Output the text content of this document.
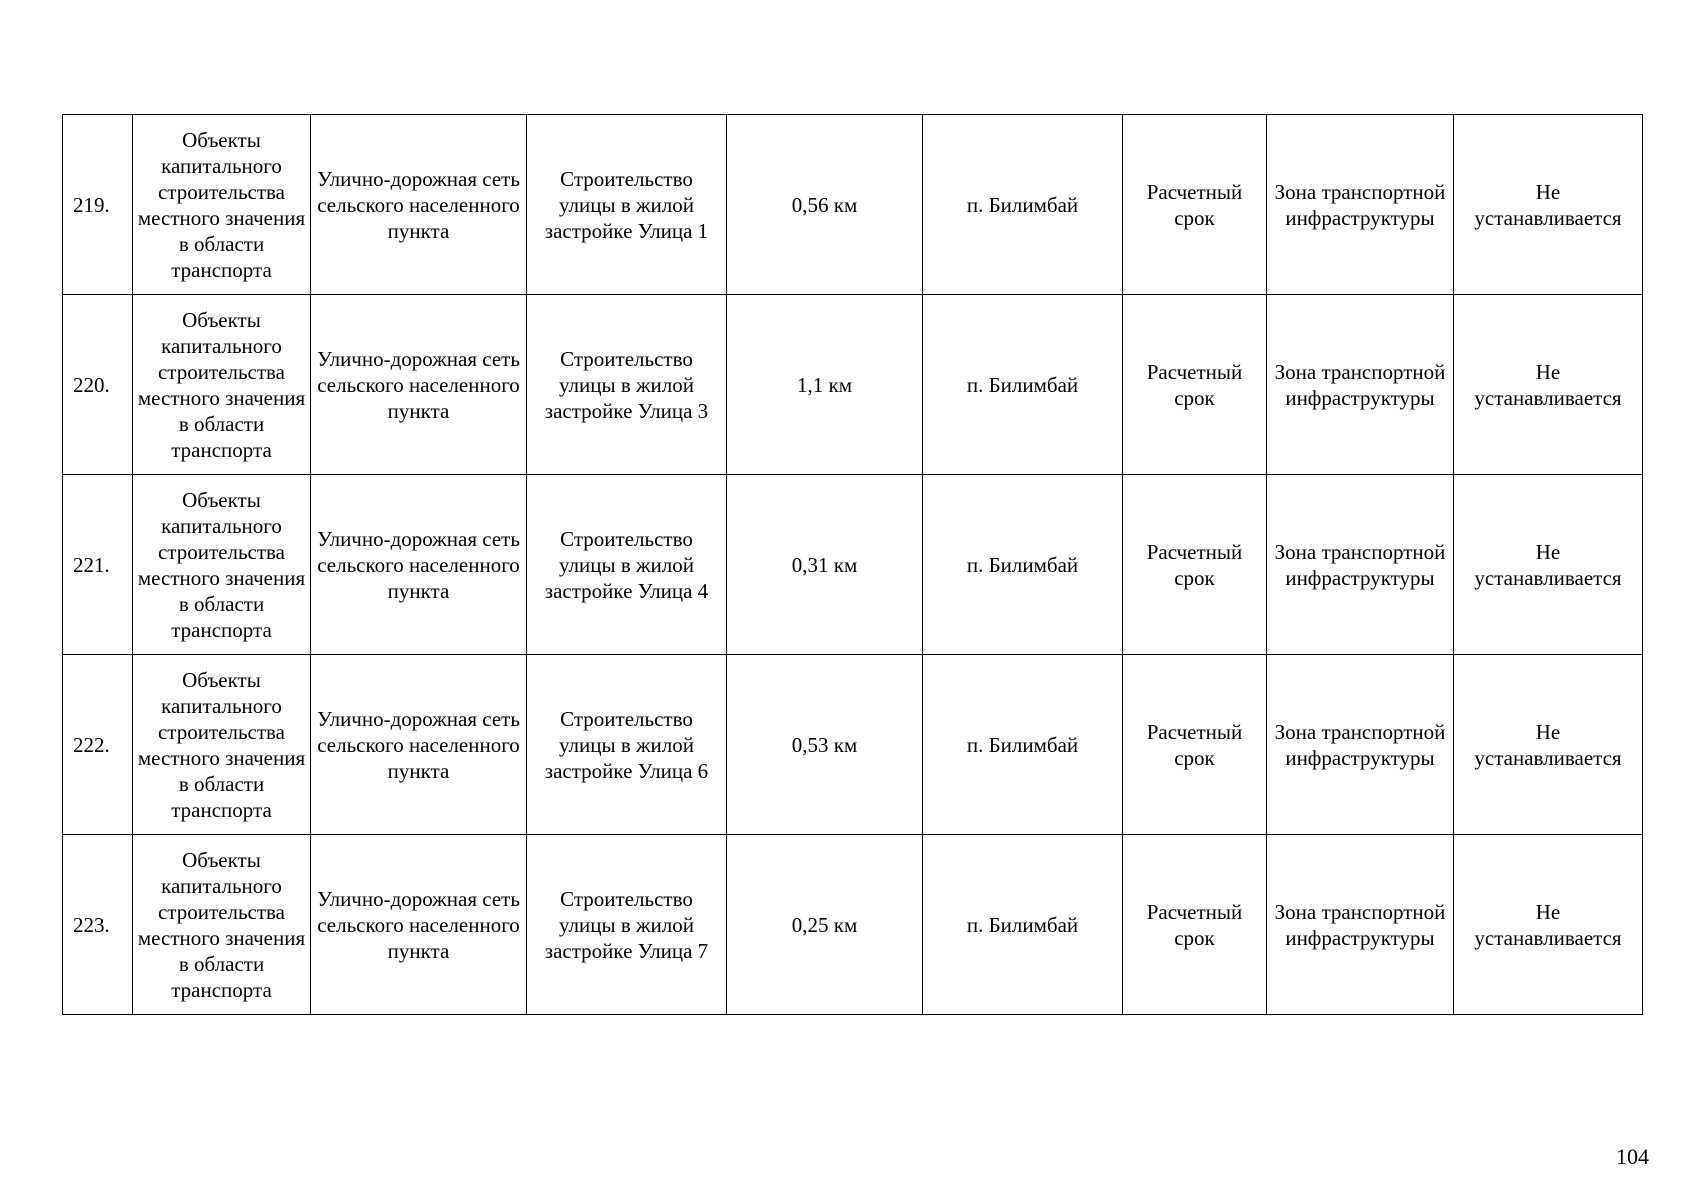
219.	Объекты капитального строительства местного значения в области транспорта	Улично-дорожная сеть сельского населенного пункта	Строительство улицы в жилой застройке Улица 1	0,56 км	п. Билимбай	Расчетный срок	Зона транспортной инфраструктуры	Не устанавливается
220.	Объекты капитального строительства местного значения в области транспорта	Улично-дорожная сеть сельского населенного пункта	Строительство улицы в жилой застройке Улица 3	1,1 км	п. Билимбай	Расчетный срок	Зона транспортной инфраструктуры	Не устанавливается
221.	Объекты капитального строительства местного значения в области транспорта	Улично-дорожная сеть сельского населенного пункта	Строительство улицы в жилой застройке Улица 4	0,31 км	п. Билимбай	Расчетный срок	Зона транспортной инфраструктуры	Не устанавливается
222.	Объекты капитального строительства местного значения в области транспорта	Улично-дорожная сеть сельского населенного пункта	Строительство улицы в жилой застройке Улица 6	0,53 км	п. Билимбай	Расчетный срок	Зона транспортной инфраструктуры	Не устанавливается
223.	Объекты капитального строительства местного значения в области транспорта	Улично-дорожная сеть сельского населенного пункта	Строительство улицы в жилой застройке Улица 7	0,25 км	п. Билимбай	Расчетный срок	Зона транспортной инфраструктуры	Не устанавливается
104
